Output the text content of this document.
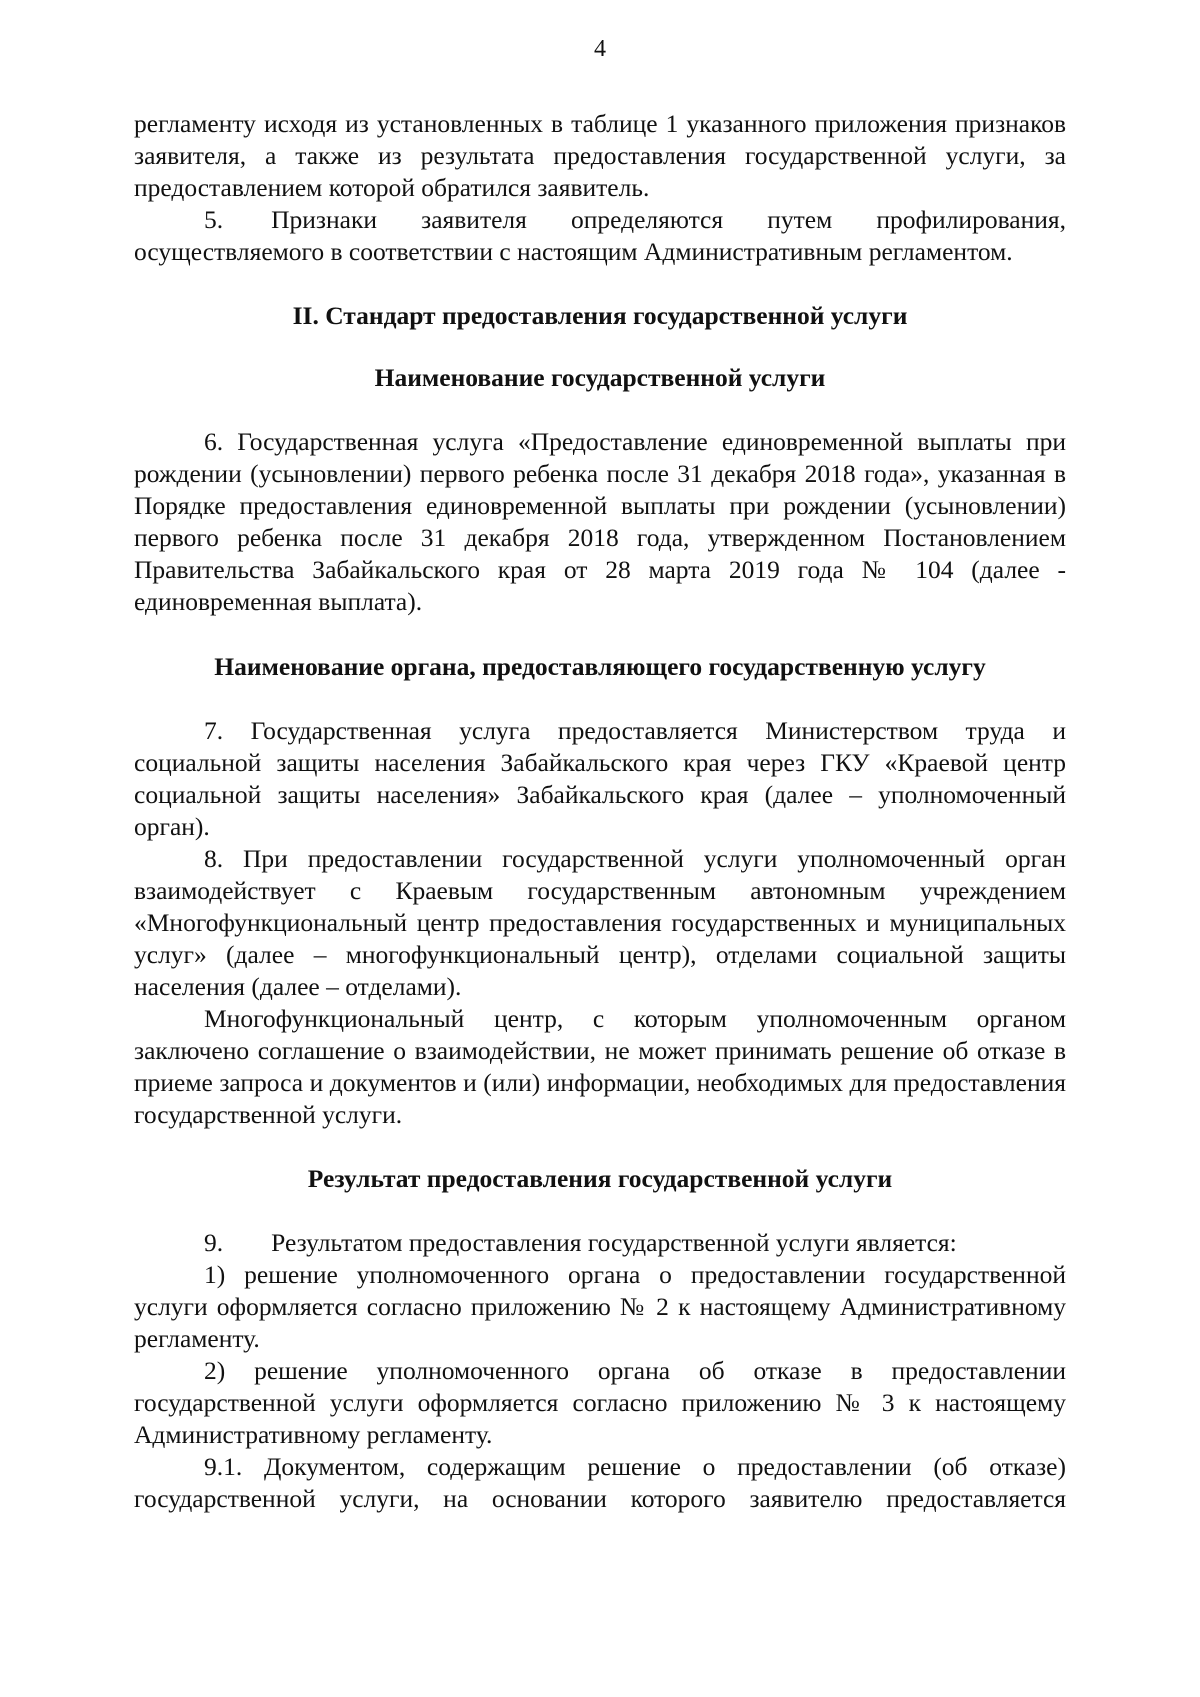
4

регламенту исходя из установленных в таблице 1 указанного приложения признаков заявителя, а также из результата предоставления государственной услуги, за предоставлением которой обратился заявитель.

5. Признаки заявителя определяются путем профилирования, осуществляемого в соответствии с настоящим Административным регламентом.

II. Стандарт предоставления государственной услуги
Наименование государственной услуги

6. Государственная услуга «Предоставление единовременной выплаты при рождении (усыновлении) первого ребенка после 31 декабря 2018 года», указанная в Порядке предоставления единовременной выплаты при рождении (усыновлении) первого ребенка после 31 декабря 2018 года, утвержденном Постановлением Правительства Забайкальского края от 28 марта 2019 года № 104 (далее - единовременная выплата).

Наименование органа, предоставляющего государственную услугу

7. Государственная услуга предоставляется Министерством труда и социальной защиты населения Забайкальского края через ГКУ «Краевой центр социальной защиты населения» Забайкальского края (далее – уполномоченный орган).

8. При предоставлении государственной услуги уполномоченный орган взаимодействует с Краевым государственным автономным учреждением «Многофункциональный центр предоставления государственных и муниципальных услуг» (далее – многофункциональный центр), отделами социальной защиты населения (далее – отделами).

Многофункциональный центр, с которым уполномоченным органом заключено соглашение о взаимодействии, не может принимать решение об отказе в приеме запроса и документов и (или) информации, необходимых для предоставления государственной услуги.

Результат предоставления государственной услуги

9. Результатом предоставления государственной услуги является:

1) решение уполномоченного органа о предоставлении государственной услуги оформляется согласно приложению № 2 к настоящему Административному регламенту.

2) решение уполномоченного органа об отказе в предоставлении государственной услуги оформляется согласно приложению № 3 к настоящему Административному регламенту.

9.1. Документом, содержащим решение о предоставлении (об отказе) государственной услуги, на основании которого заявителю предоставляется
